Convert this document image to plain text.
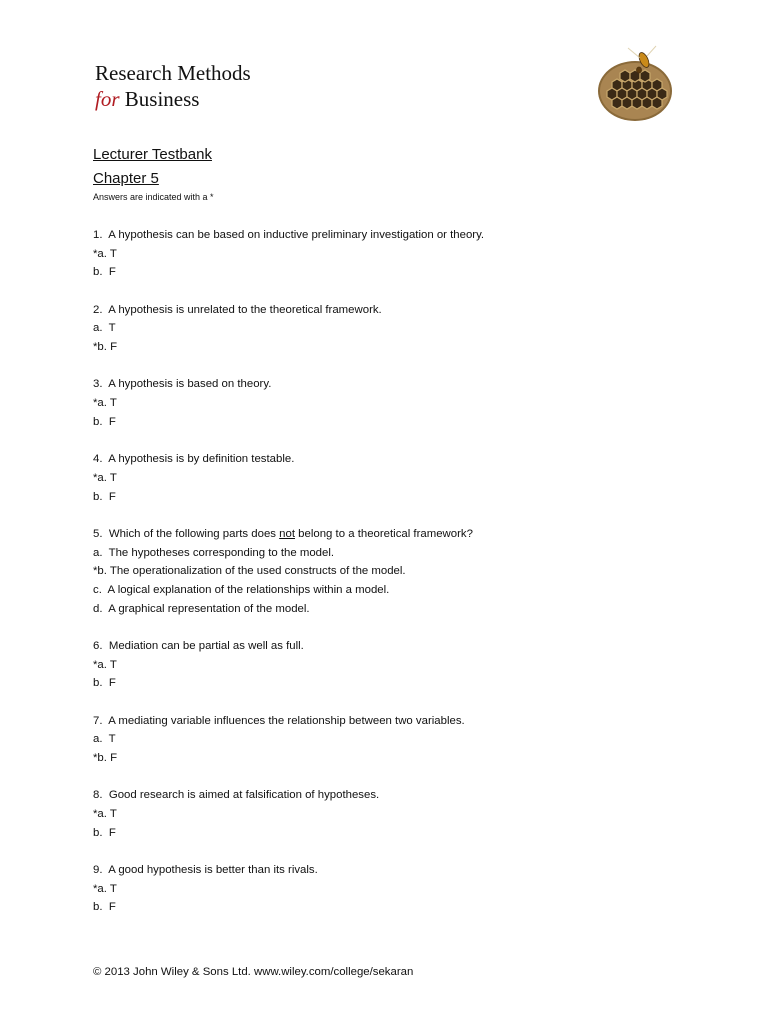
Research Methods
for Business
Lecturer Testbank
Chapter 5
Answers are indicated with a *
1.  A hypothesis can be based on inductive preliminary investigation or theory.
*a. T
b.  F
2.  A hypothesis is unrelated to the theoretical framework.
a.  T
*b. F
3.  A hypothesis is based on theory.
*a. T
b.  F
4.  A hypothesis is by definition testable.
*a. T
b.  F
5.  Which of the following parts does not belong to a theoretical framework?
a.  The hypotheses corresponding to the model.
*b. The operationalization of the used constructs of the model.
c.  A logical explanation of the relationships within a model.
d.  A graphical representation of the model.
6.  Mediation can be partial as well as full.
*a. T
b.  F
7.  A mediating variable influences the relationship between two variables.
a.  T
*b. F
8.  Good research is aimed at falsification of hypotheses.
*a. T
b.  F
9.  A good hypothesis is better than its rivals.
*a. T
b.  F
© 2013 John Wiley & Sons Ltd. www.wiley.com/college/sekaran
